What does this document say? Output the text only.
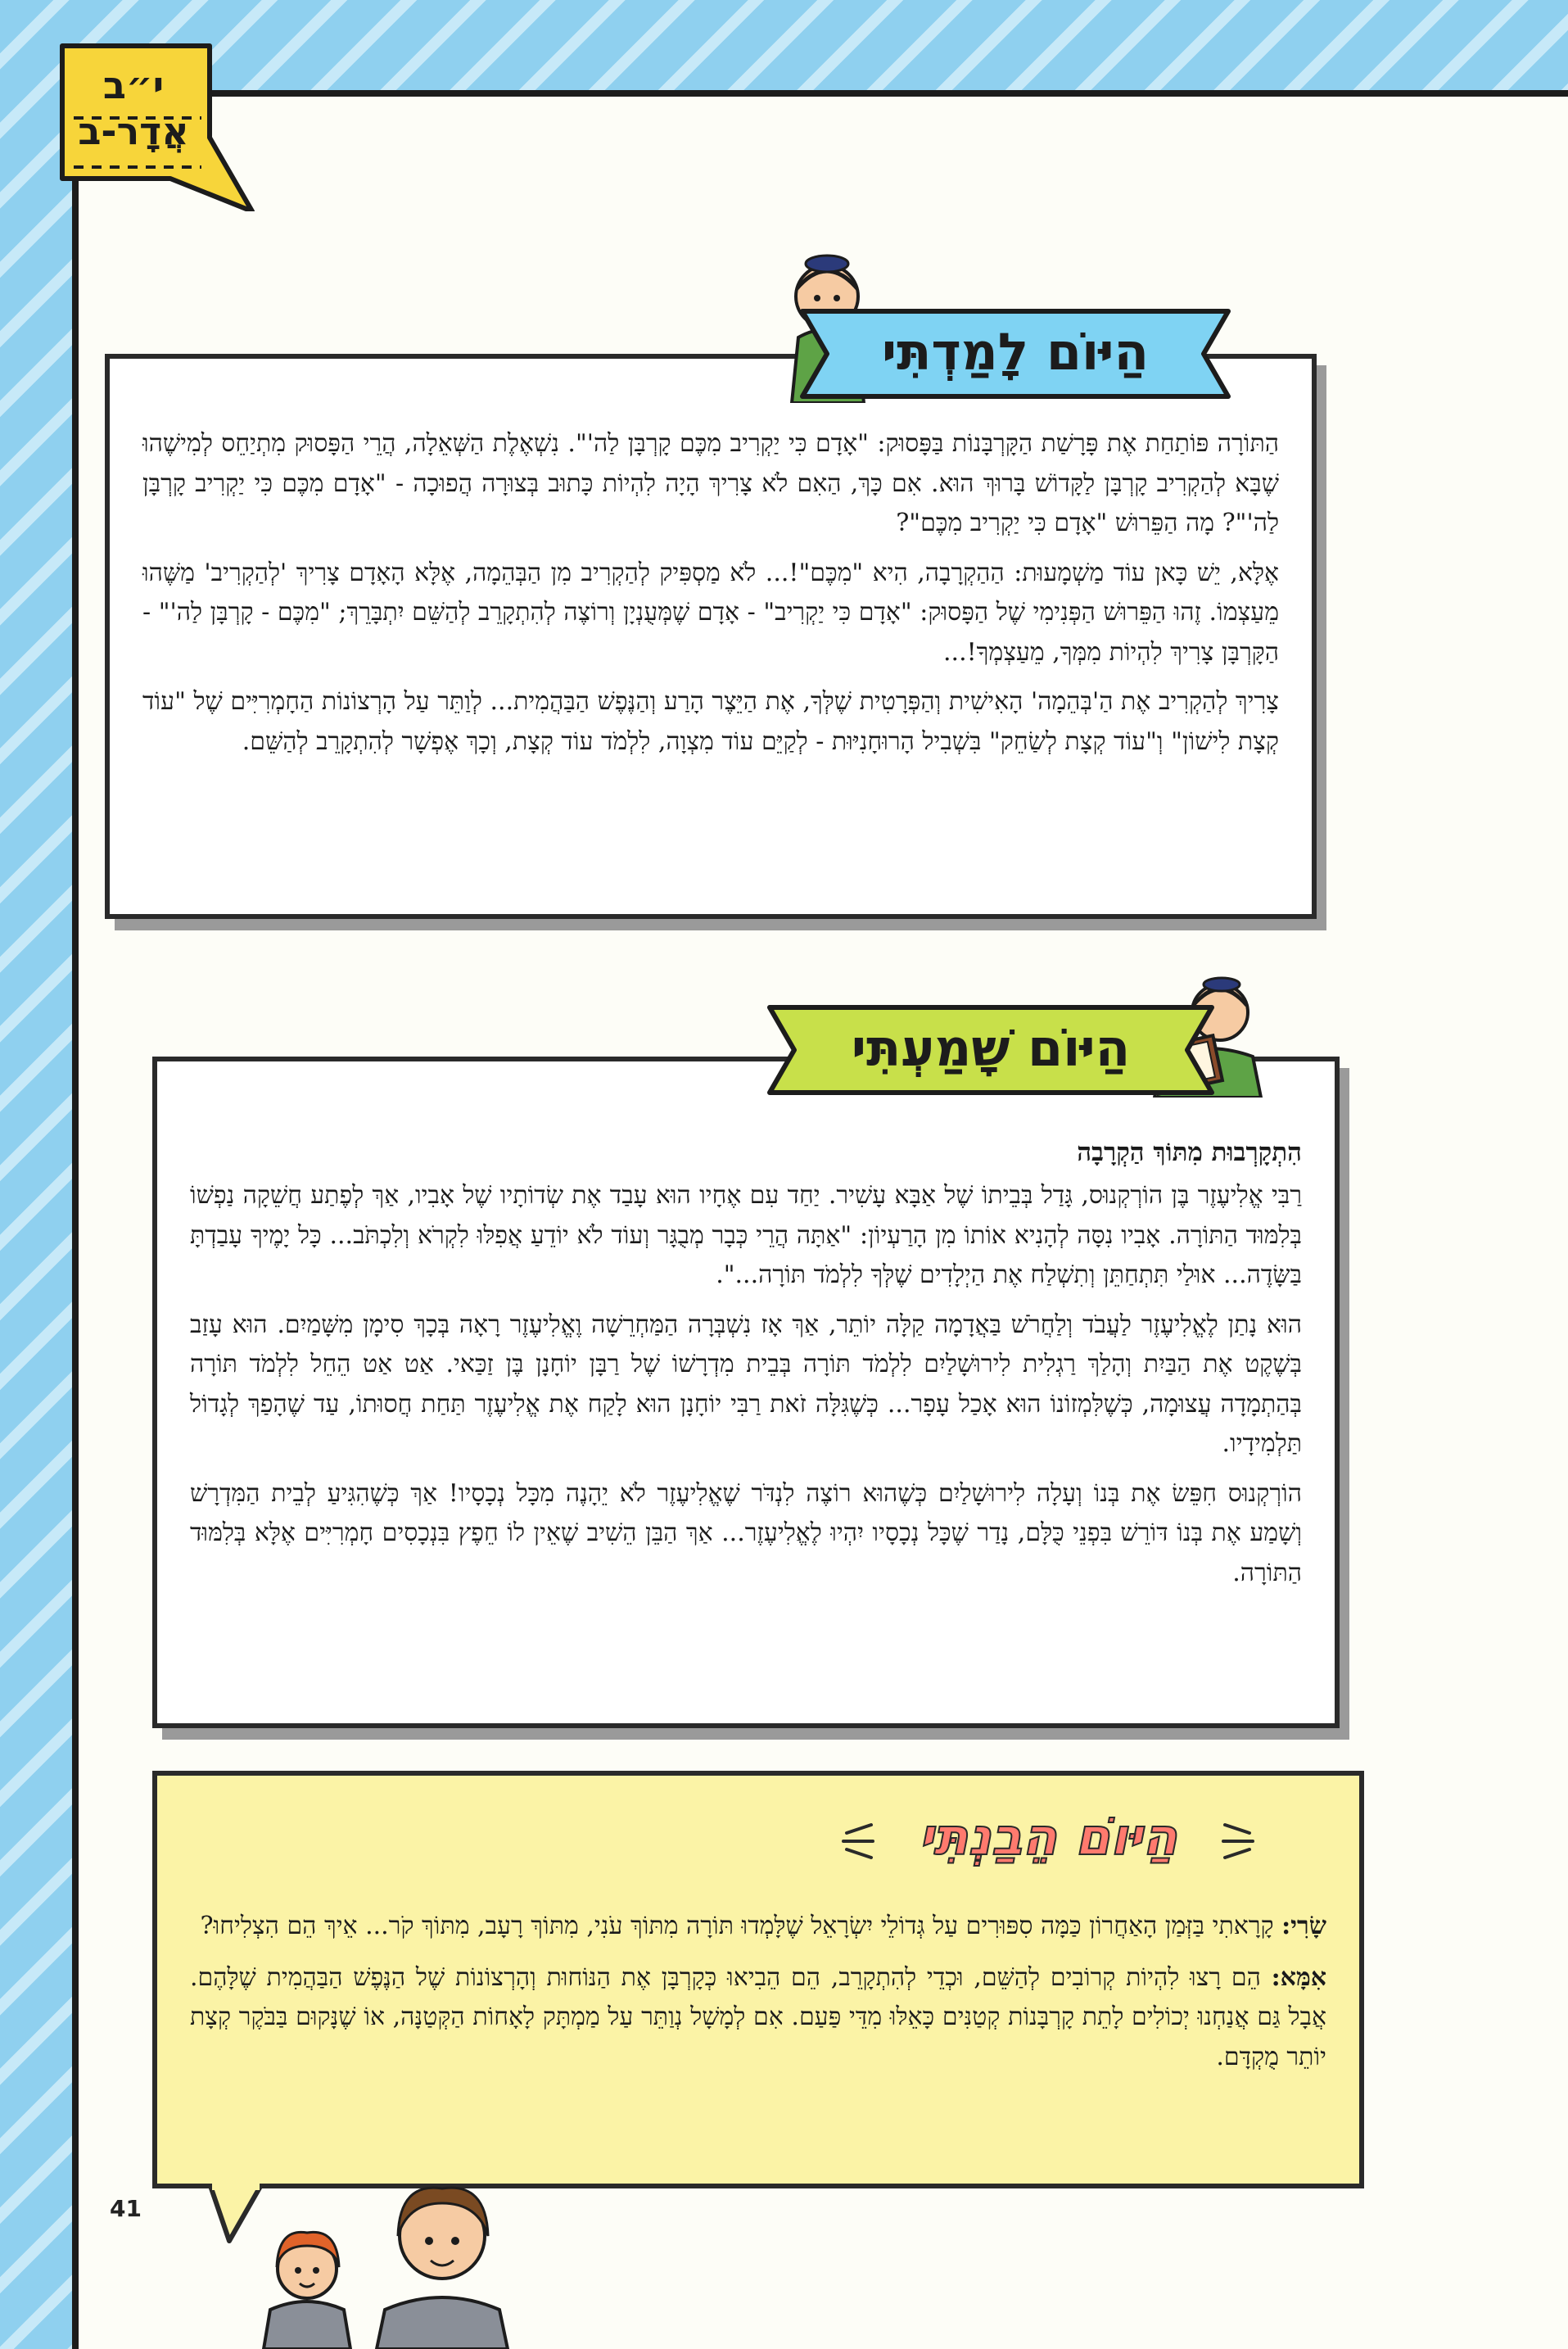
י״ב
אֲדָר-ב

הַתּוֹרָה פּוֹתַחַת אֶת פָּרָשַׁת הַקָּרְבָּנוֹת בַּפָּסוּק: "אָדָם כִּי יַקְרִיב מִכֶּם קָרְבָּן לַה'". נִשְׁאֶלֶת הַשְּׁאֵלָה, הֲרֵי הַפָּסוּק מִתְיַחֵס לְמִישֶׁהוּ שֶׁבָּא לְהַקְרִיב קָרְבָּן לַקָּדוֹשׁ בָּרוּךְ הוּא. אִם כָּךְ, הַאִם לֹא צָרִיךְ הָיָה לִהְיוֹת כָּתוּב בְּצוּרָה הֲפוּכָה - "אָדָם מִכֶּם כִּי יַקְרִיב קָרְבָּן לַה'"? מָה הַפֵּרוּשׁ "אָדָם כִּי יַקְרִיב מִכֶּם"?

אֶלָּא, יֵשׁ כָּאן עוֹד מַשְׁמָעוּת: הַהַקְרָבָה, הִיא "מִכֶּם"!... לֹא מַסְפִּיק לְהַקְרִיב מִן הַבְּהֵמָה, אֶלָּא הָאָדָם צָרִיךְ 'לְהַקְרִיב' מַשֶּׁהוּ מֵעַצְמוֹ. זֶהוּ הַפֵּרוּשׁ הַפְּנִימִי שֶׁל הַפָּסוּק: "אָדָם כִּי יַקְרִיב" - אָדָם שֶׁמְּעֻנְיָן וְרוֹצֶה לְהִתְקָרֵב לְהַשֵּׁם יִתְבָּרֵךְ; "מִכֶּם - קָרְבָּן לַה'" - הַקָּרְבָּן צָרִיךְ לִהְיוֹת מִמְּךָ, מֵעַצְמְךָ!...

צָרִיךְ לְהַקְרִיב אֶת הַ'בְּהֵמָה' הָאִישִׁית וְהַפְּרָטִית שֶׁלְּךָ, אֶת הַיֵּצֶר הָרַע וְהַנֶּפֶשׁ הַבַּהֲמִית... לְוַתֵּר עַל הָרְצוֹנוֹת הַחָמְרִיִּים שֶׁל "עוֹד קְצָת לִישׁוֹן" וְ"עוֹד קְצָת לְשַׂחֵק" בִּשְׁבִיל הָרוּחָנִיּוּת - לְקַיֵּם עוֹד מִצְוָה, לִלְמֹד עוֹד קְצָת, וְכָךְ אֶפְשָׁר לְהִתְקָרֵב לְהַשֵּׁם.

הַיּוֹם לָמַדְתִּי

הִתְקָרְבוּת מִתּוֹךְ הַקְרָבָה

רַבִּי אֱלִיעֶזֶר בֶּן הוֹרְקְנוּס, גָּדַל בְּבֵיתוֹ שֶׁל אַבָּא עָשִׁיר. יַחַד עִם אֶחָיו הוּא עָבַד אֶת שְׂדוֹתָיו שֶׁל אָבִיו, אַךְ לְפֶתַע חֲשֵׁקָה נַפְשׁוֹ בְּלִמּוּד הַתּוֹרָה. אָבִיו נִסָּה לְהָנִיא אוֹתוֹ מִן הָרַעְיוֹן: "אַתָּה הֲרֵי כְּבָר מְבֻגָּר וְעוֹד לֹא יוֹדֵעַ אֲפִלּוּ לִקְרֹא וְלִכְתֹּב... כָּל יָמֶיךָ עָבַדְתָּ בַּשָּׂדֶה... אוּלַי תִּתְחַתֵּן וְתִשְׁלַח אֶת הַיְלָדִים שֶׁלְּךָ לִלְמֹד תּוֹרָה...".

הוּא נָתַן לֶאֱלִיעֶזֶר לַעֲבֹד וְלַחֲרֹשׁ בַּאֲדָמָה קַלָּה יוֹתֵר, אַךְ אָז נִשְׁבְּרָה הַמַּחְרֵשָׁה וֶאֱלִיעֶזֶר רָאָה בְּכָךְ סִימָן מִשָּׁמַיִם. הוּא עָזַב בְּשֶׁקֶט אֶת הַבַּיִת וְהָלַךְ רַגְלִית לִירוּשָׁלַיִם לִלְמֹד תּוֹרָה בְּבֵית מִדְרָשׁוֹ שֶׁל רַבָּן יוֹחָנָן בֶּן זַכַּאי. אַט אַט הֵחֵל לִלְמֹד תּוֹרָה בְּהַתְמָדָה עֲצוּמָה, כְּשֶׁלִּמְזוֹנוֹ הוּא אָכַל עָפָר... כְּשֶׁגִּלָּה זֹאת רַבִּי יוֹחָנָן הוּא לָקַח אֶת אֱלִיעֶזֶר תַּחַת חֲסוּתוֹ, עַד שֶׁהָפַךְ לְגָדוֹל תַּלְמִידָיו.

הוֹרְקְנוּס חִפֵּשׂ אֶת בְּנוֹ וְעָלָה לִירוּשָׁלַיִם כְּשֶׁהוּא רוֹצֶה לִנְדֹּר שֶׁאֱלִיעֶזֶר לֹא יֵהָנֶה מִכָּל נְכָסָיו! אַךְ כְּשֶׁהִגִּיעַ לְבֵית הַמִּדְרָשׁ וְשָׁמַע אֶת בְּנוֹ דּוֹרֵשׁ בִּפְנֵי כֻּלָּם, נָדַר שֶׁכָּל נְכָסָיו יִהְיוּ לֶאֱלִיעֶזֶר... אַךְ הַבֵּן הֵשִׁיב שֶׁאֵין לוֹ חֵפֶץ בִּנְכָסִים חָמְרִיִּים אֶלָּא בְּלִמּוּד הַתּוֹרָה.

הַיּוֹם שָׁמַעְתִּי
הַיּוֹם הֵבַנְתִּי

שָׂרִי: קָרָאתִי בַּזְּמַן הָאַחֲרוֹן כַּמָּה סִפּוּרִים עַל גְּדוֹלֵי יִשְׂרָאֵל שֶׁלָּמְדוּ תּוֹרָה מִתּוֹךְ עֹנִי, מִתּוֹךְ רָעָב, מִתּוֹךְ קֹר... אֵיךְ הֵם הִצְלִיחוּ?

אִמָּא: הֵם רָצוּ לִהְיוֹת קְרוֹבִים לְהַשֵּׁם, וּכְדֵי לְהִתְקָרֵב, הֵם הֵבִיאוּ כְּקָרְבָּן אֶת הַנּוֹחוּת וְהָרְצוֹנוֹת שֶׁל הַנֶּפֶשׁ הַבַּהֲמִית שֶׁלָּהֶם. אֲבָל גַּם אֲנַחְנוּ יְכוֹלִים לָתֵת קָרְבָּנוֹת קְטַנִּים כָּאֵלּוּ מִדֵּי פַּעַם. אִם לְמָשָׁל נְוַתֵּר עַל מַמְתָּק לָאָחוֹת הַקְּטַנָּה, אוֹ שֶׁנָּקוּם בַּבֹּקֶר קְצָת יוֹתֵר מֻקְדָּם.

41
